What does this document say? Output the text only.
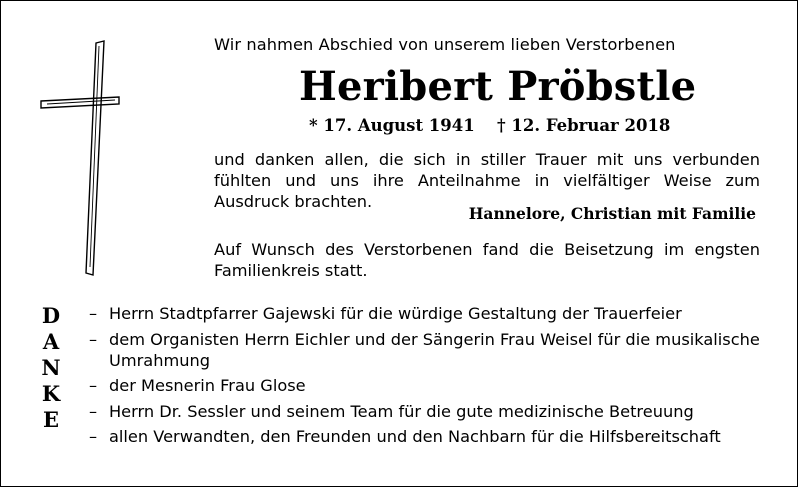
Wir nahmen Abschied von unserem lieben Verstorbenen
Heribert Pröbstle
* 17. August 1941 † 12. Februar 2018
und danken allen, die sich in stiller Trauer mit uns verbunden fühlten und uns ihre Anteilnahme in vielfältiger Weise zum Ausdruck brachten.
Hannelore, Christian mit Familie
Auf Wunsch des Verstorbenen fand die Beisetzung im engsten Familienkreis statt.
D
A
N
K
E
– Herrn Stadtpfarrer Gajewski für die würdige Gestaltung der Trauerfeier
– dem Organisten Herrn Eichler und der Sängerin Frau Weisel für die musikalische Umrahmung
– der Mesnerin Frau Glose
– Herrn Dr. Sessler und seinem Team für die gute medizinische Betreuung
– allen Verwandten, den Freunden und den Nachbarn für die Hilfsbereitschaft
